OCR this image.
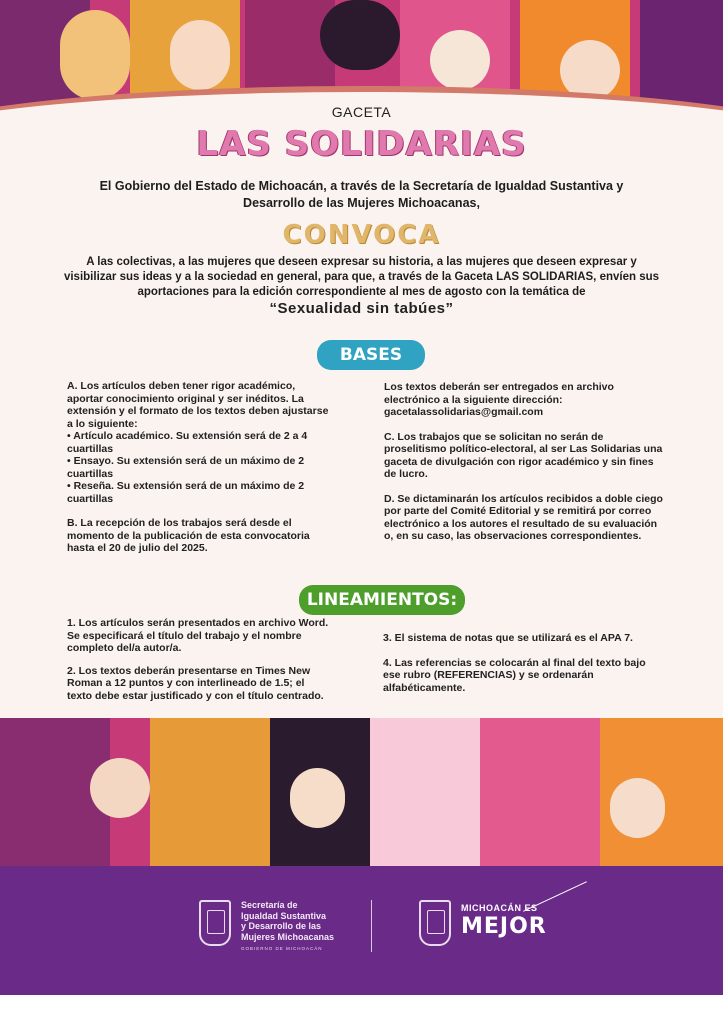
GACETA
LAS SOLIDARIAS
El Gobierno del Estado de Michoacán, a través de la Secretaría de Igualdad Sustantiva y Desarrollo de las Mujeres Michoacanas,
CONVOCA
A las colectivas, a las mujeres que deseen expresar su historia, a las mujeres que deseen expresar y visibilizar sus ideas y a la sociedad en general, para que, a través de la Gaceta LAS SOLIDARIAS, envíen sus aportaciones para la edición correspondiente al mes de agosto con la temática de
“Sexualidad sin tabúes”
BASES

A. Los artículos deben tener rigor académico, aportar conocimiento original y ser inéditos. La extensión y el formato de los textos deben ajustarse a lo siguiente:

• Artículo académico. Su extensión será de 2 a 4 cuartillas

• Ensayo. Su extensión será de un máximo de 2 cuartillas

• Reseña. Su extensión será de un máximo de 2 cuartillas

B. La recepción de los trabajos será desde el momento de la publicación de esta convocatoria hasta el 20 de julio del 2025.

Los textos deberán ser entregados en archivo electrónico a la siguiente dirección:

gacetalassolidarias@gmail.com

C. Los trabajos que se solicitan no serán de proselitismo político-electoral, al ser Las Solidarias una gaceta de divulgación con rigor académico y sin fines de lucro.

D. Se dictaminarán los artículos recibidos a doble ciego por parte del Comité Editorial y se remitirá por correo electrónico a los autores el resultado de su evaluación o, en su caso, las observaciones correspondientes.

LINEAMIENTOS:

1. Los artículos serán presentados en archivo Word. Se especificará el título del trabajo y el nombre completo del/a autor/a.

2. Los textos deberán presentarse en Times New Roman a 12 puntos y con interlineado de 1.5; el texto debe estar justificado y con el título centrado.

3. El sistema de notas que se utilizará es el APA 7.

4. Las referencias se colocarán al final del texto bajo ese rubro (REFERENCIAS) y se ordenarán alfabéticamente.

Secretaría de
Igualdad Sustantiva
y Desarrollo de las
Mujeres Michoacanas
GOBIERNO DE MICHOACÁN
MICHOACÁN ES
MEJOR
